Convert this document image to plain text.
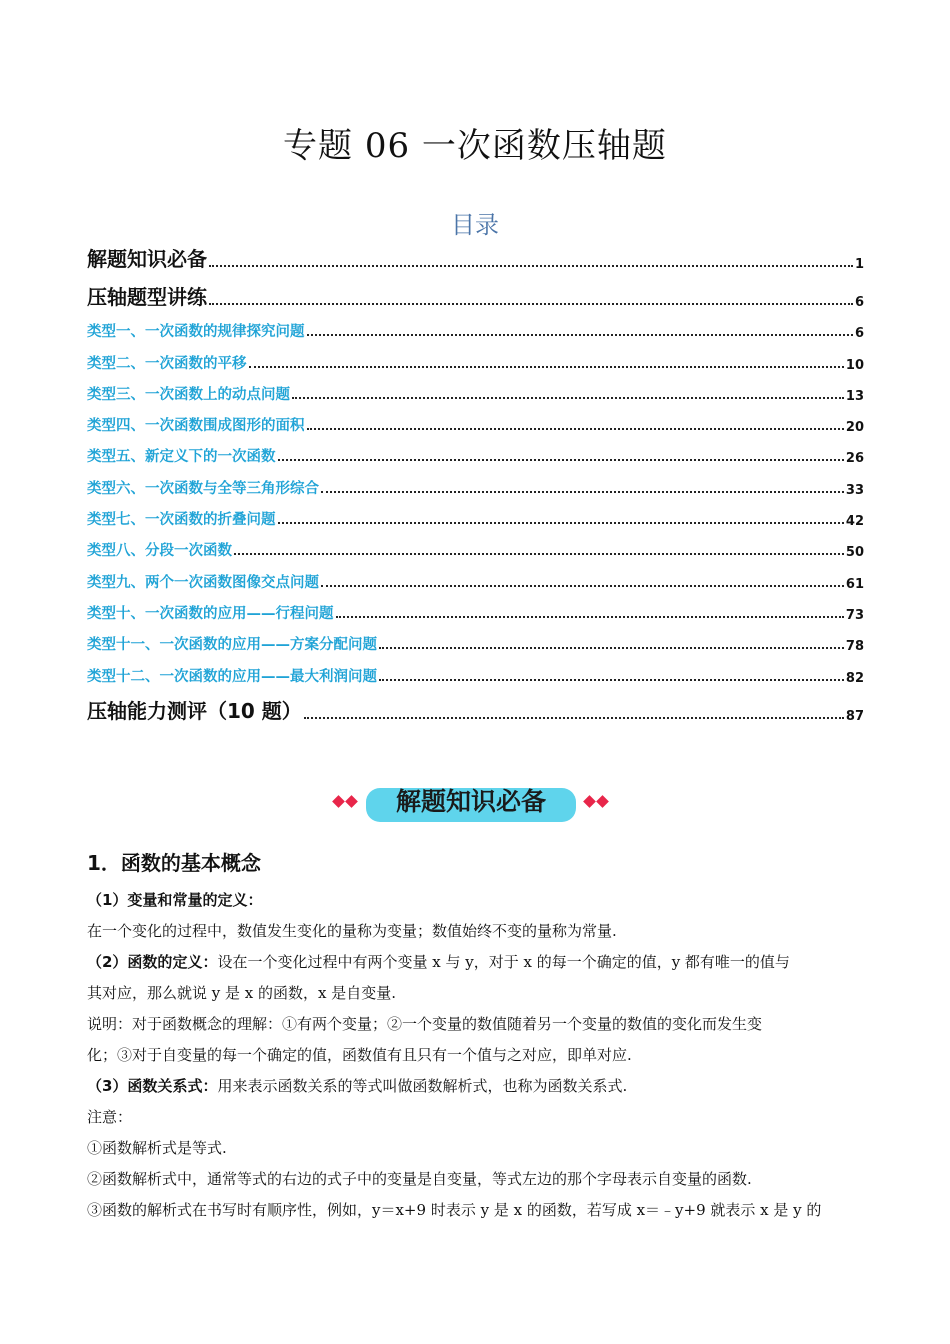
专题 06 一次函数压轴题
目录
解题知识必备	1
压轴题型讲练	6
类型一、一次函数的规律探究问题	6
类型二、一次函数的平移	10
类型三、一次函数上的动点问题	13
类型四、一次函数围成图形的面积	20
类型五、新定义下的一次函数	26
类型六、一次函数与全等三角形综合	33
类型七、一次函数的折叠问题	42
类型八、分段一次函数	50
类型九、两个一次函数图像交点问题	61
类型十、一次函数的应用——行程问题	73
类型十一、一次函数的应用——方案分配问题	78
类型十二、一次函数的应用——最大利润问题	82
压轴能力测评（10 题）	87
解题知识必备
1．函数的基本概念

（1）变量和常量的定义：

在一个变化的过程中，数值发生变化的量称为变量；数值始终不变的量称为常量.

（2）函数的定义：设在一个变化过程中有两个变量 x 与 y，对于 x 的每一个确定的值，y 都有唯一的值与

其对应，那么就说 y 是 x 的函数，x 是自变量.

说明：对于函数概念的理解：①有两个变量；②一个变量的数值随着另一个变量的数值的变化而发生变

化；③对于自变量的每一个确定的值，函数值有且只有一个值与之对应，即单对应.

（3）函数关系式：用来表示函数关系的等式叫做函数解析式，也称为函数关系式.

注意：

①函数解析式是等式.

②函数解析式中，通常等式的右边的式子中的变量是自变量，等式左边的那个字母表示自变量的函数.

③函数的解析式在书写时有顺序性，例如，y＝x+9 时表示 y 是 x 的函数，若写成 x＝﹣y+9 就表示 x 是 y 的
